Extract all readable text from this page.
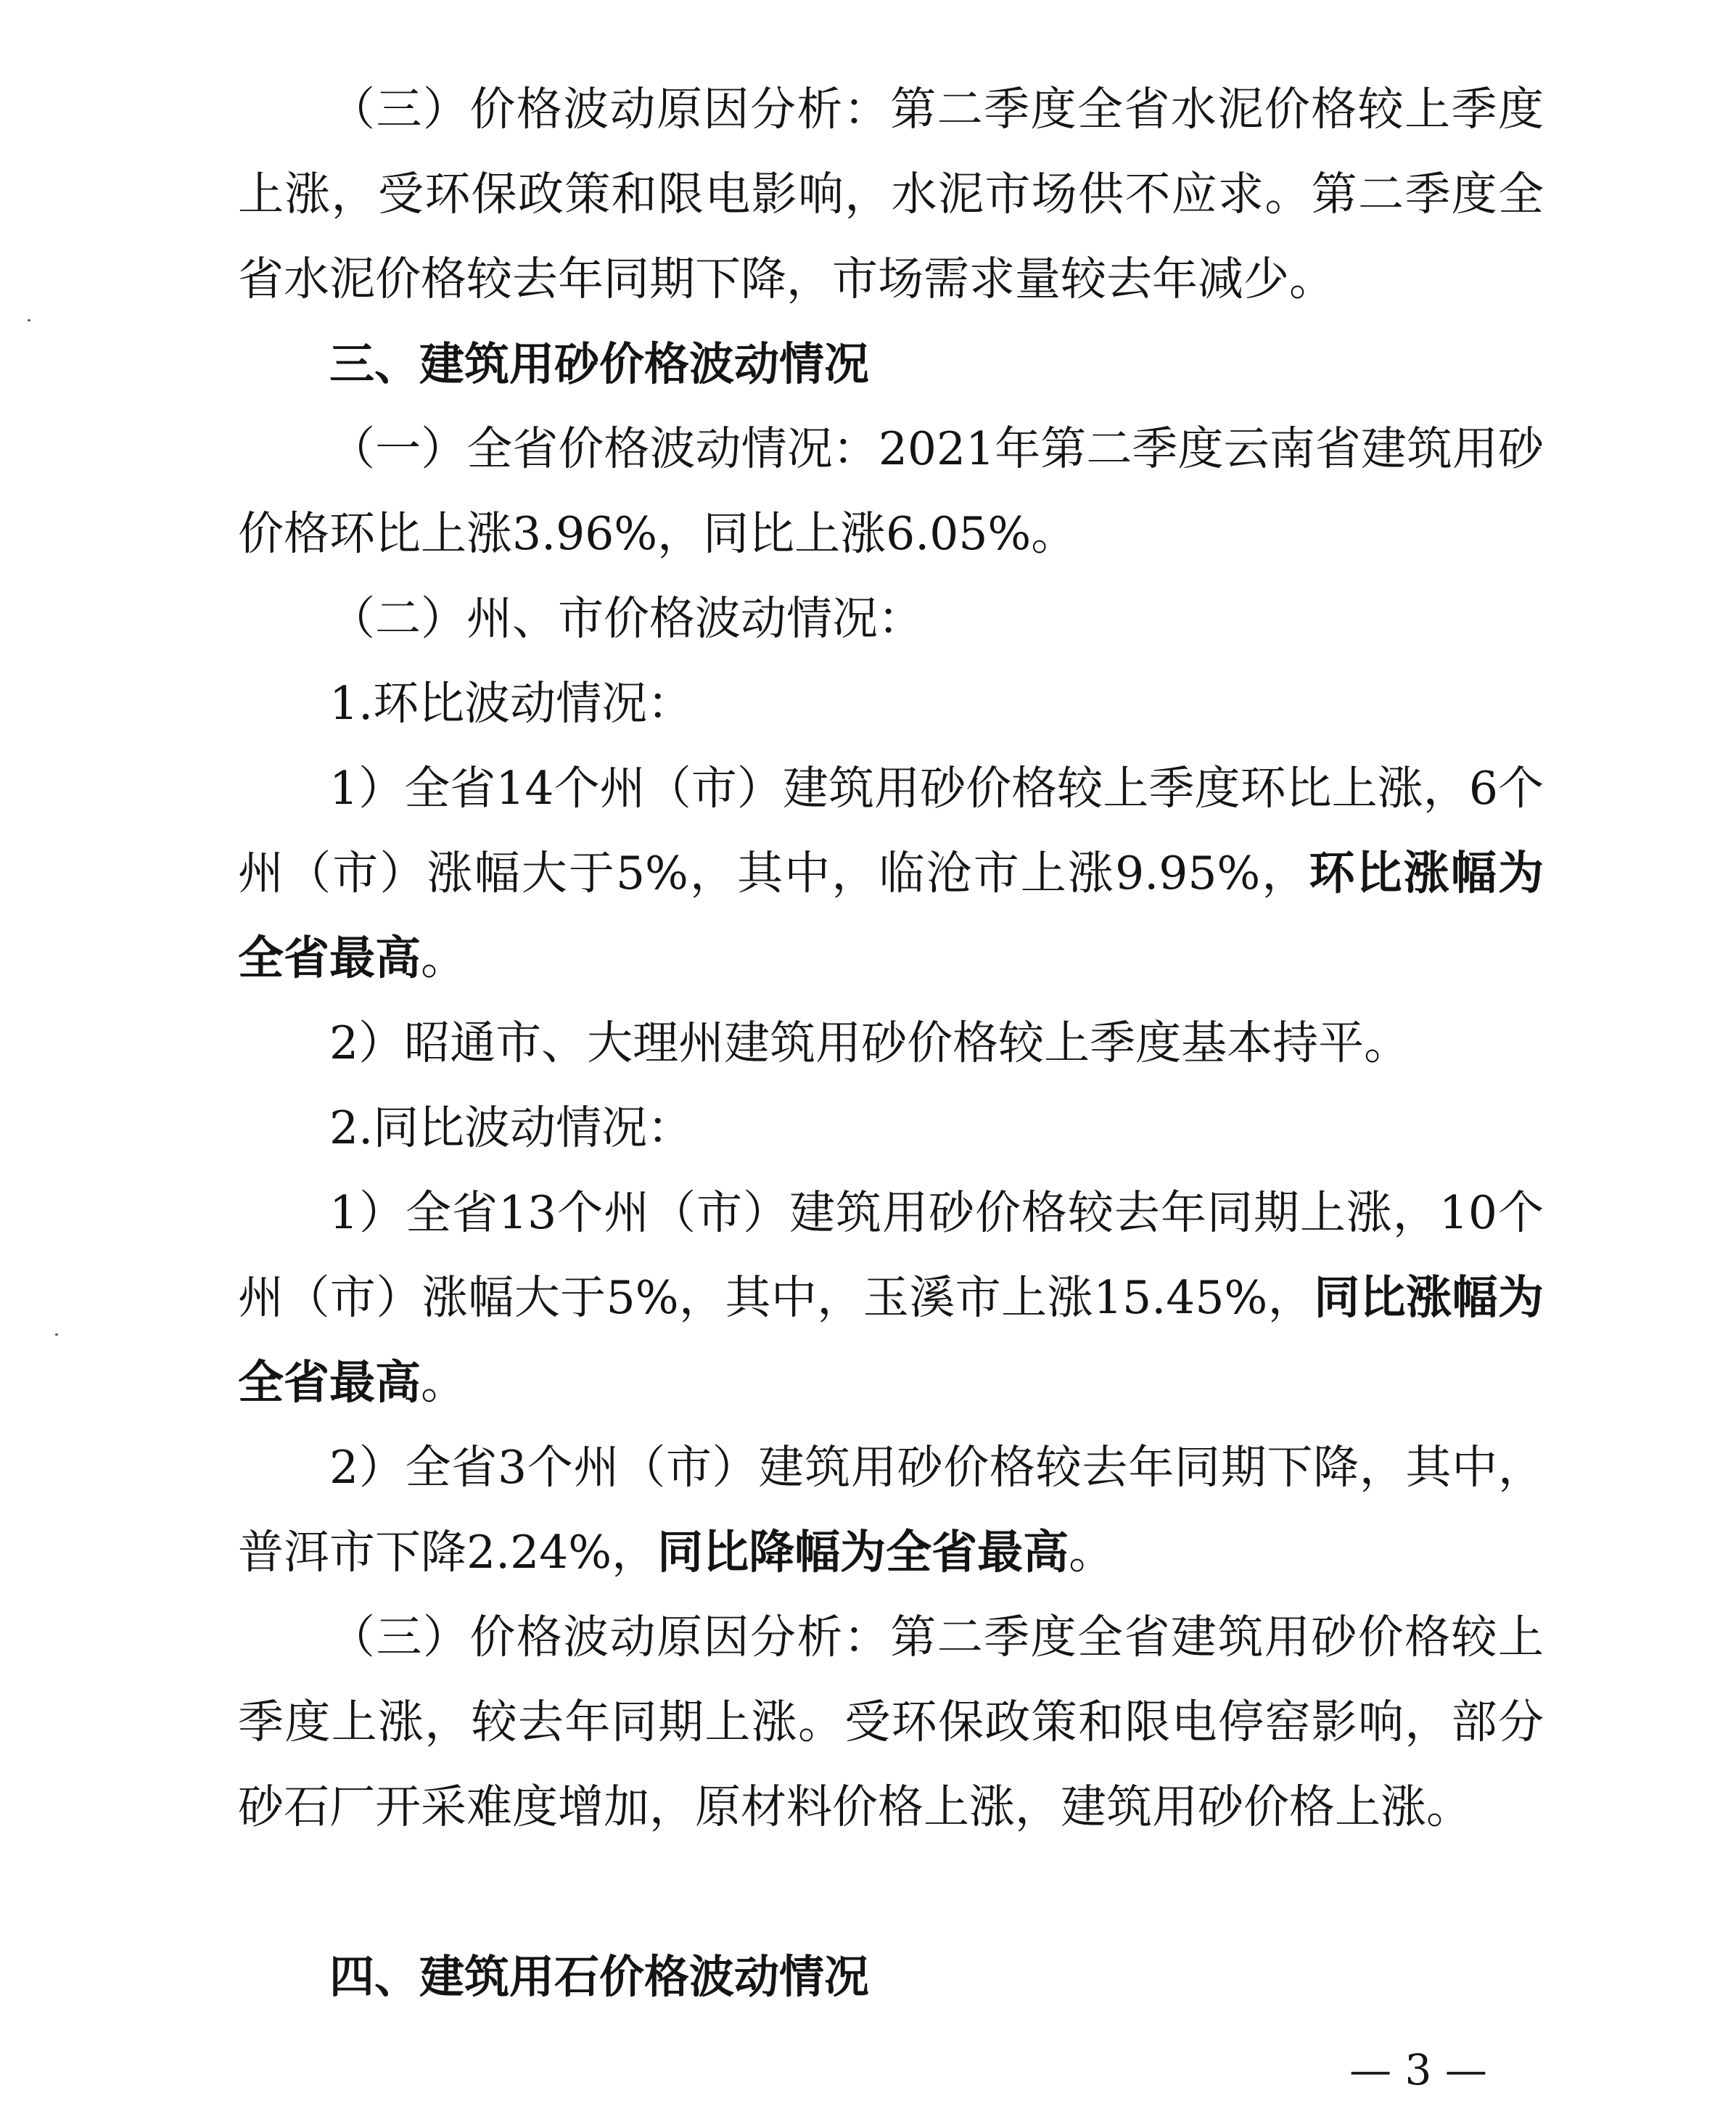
（三）价格波动原因分析：第二季度全省水泥价格较上季度上涨，受环保政策和限电影响，水泥市场供不应求。第二季度全省水泥价格较去年同期下降，市场需求量较去年减少。

三、建筑用砂价格波动情况

（一）全省价格波动情况：2021年第二季度云南省建筑用砂价格环比上涨3.96%，同比上涨6.05%。

（二）州、市价格波动情况：

1.环比波动情况：

1）全省14个州（市）建筑用砂价格较上季度环比上涨，6个州（市）涨幅大于5%，其中，临沧市上涨9.95%，环比涨幅为全省最高。

2）昭通市、大理州建筑用砂价格较上季度基本持平。

2.同比波动情况：

1）全省13个州（市）建筑用砂价格较去年同期上涨，10个州（市）涨幅大于5%，其中，玉溪市上涨15.45%，同比涨幅为全省最高。

2）全省3个州（市）建筑用砂价格较去年同期下降，其中，普洱市下降2.24%，同比降幅为全省最高。

（三）价格波动原因分析：第二季度全省建筑用砂价格较上季度上涨，较去年同期上涨。受环保政策和限电停窑影响，部分砂石厂开采难度增加，原材料价格上涨，建筑用砂价格上涨。

四、建筑用石价格波动情况

— 3 —
